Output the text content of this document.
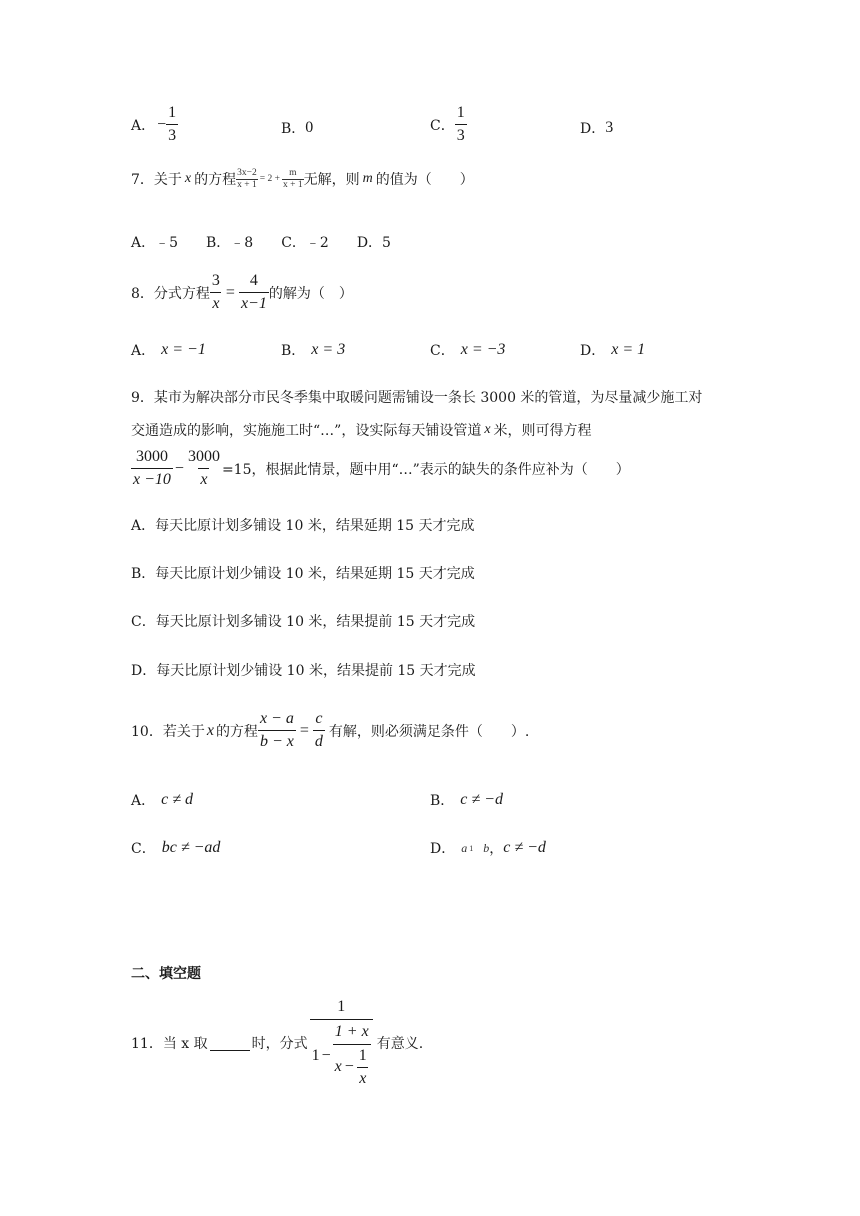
A． − $\frac{1}{3}$	B． 0	C． $\frac{1}{3}$	D． 3
7．关于 x 的方程 $\frac{3x-2}{x + 1} = 2 + \frac{m}{x + 1}$ 无解，则 m 的值为（　　）
A．﹣5　　B．﹣8　　C．﹣2　　D．5
8．分式方程 $\frac{3}{x} = \frac{4}{x-1}$ 的解为（　）
A． x = −1	B． x = 3	C． x = −3	D． x = 1
9．某市为解决部分市民冬季集中取暖问题需铺设一条长 3000 米的管道，为尽量减少施工对
交通造成的影响，实施施工时“…”，设实际每天铺设管道 x 米，则可得方程
$\frac{3000}{x -10} - \frac{3000}{x} =15$，根据此情景，题中用“…”表示的缺失的条件应补为（　　）
A．每天比原计划多铺设 10 米，结果延期 15 天才完成
B．每天比原计划少铺设 10 米，结果延期 15 天才完成
C．每天比原计划多铺设 10 米，结果提前 15 天才完成
D．每天比原计划少铺设 10 米，结果提前 15 天才完成
10．若关于 x 的方程 $\frac{x - a}{b - x} = \frac{c}{d}$ 有解，则必须满足条件（　　）.
A． c ≠ d	B． c ≠ −d
C． bc ≠ −ad	D． a 1 b ， c ≠ −d
二、填空题
11．当 x 取	时，分式
1
$1 - \frac{1 + x}{x - \frac{1}{x}}$ 有意义.
